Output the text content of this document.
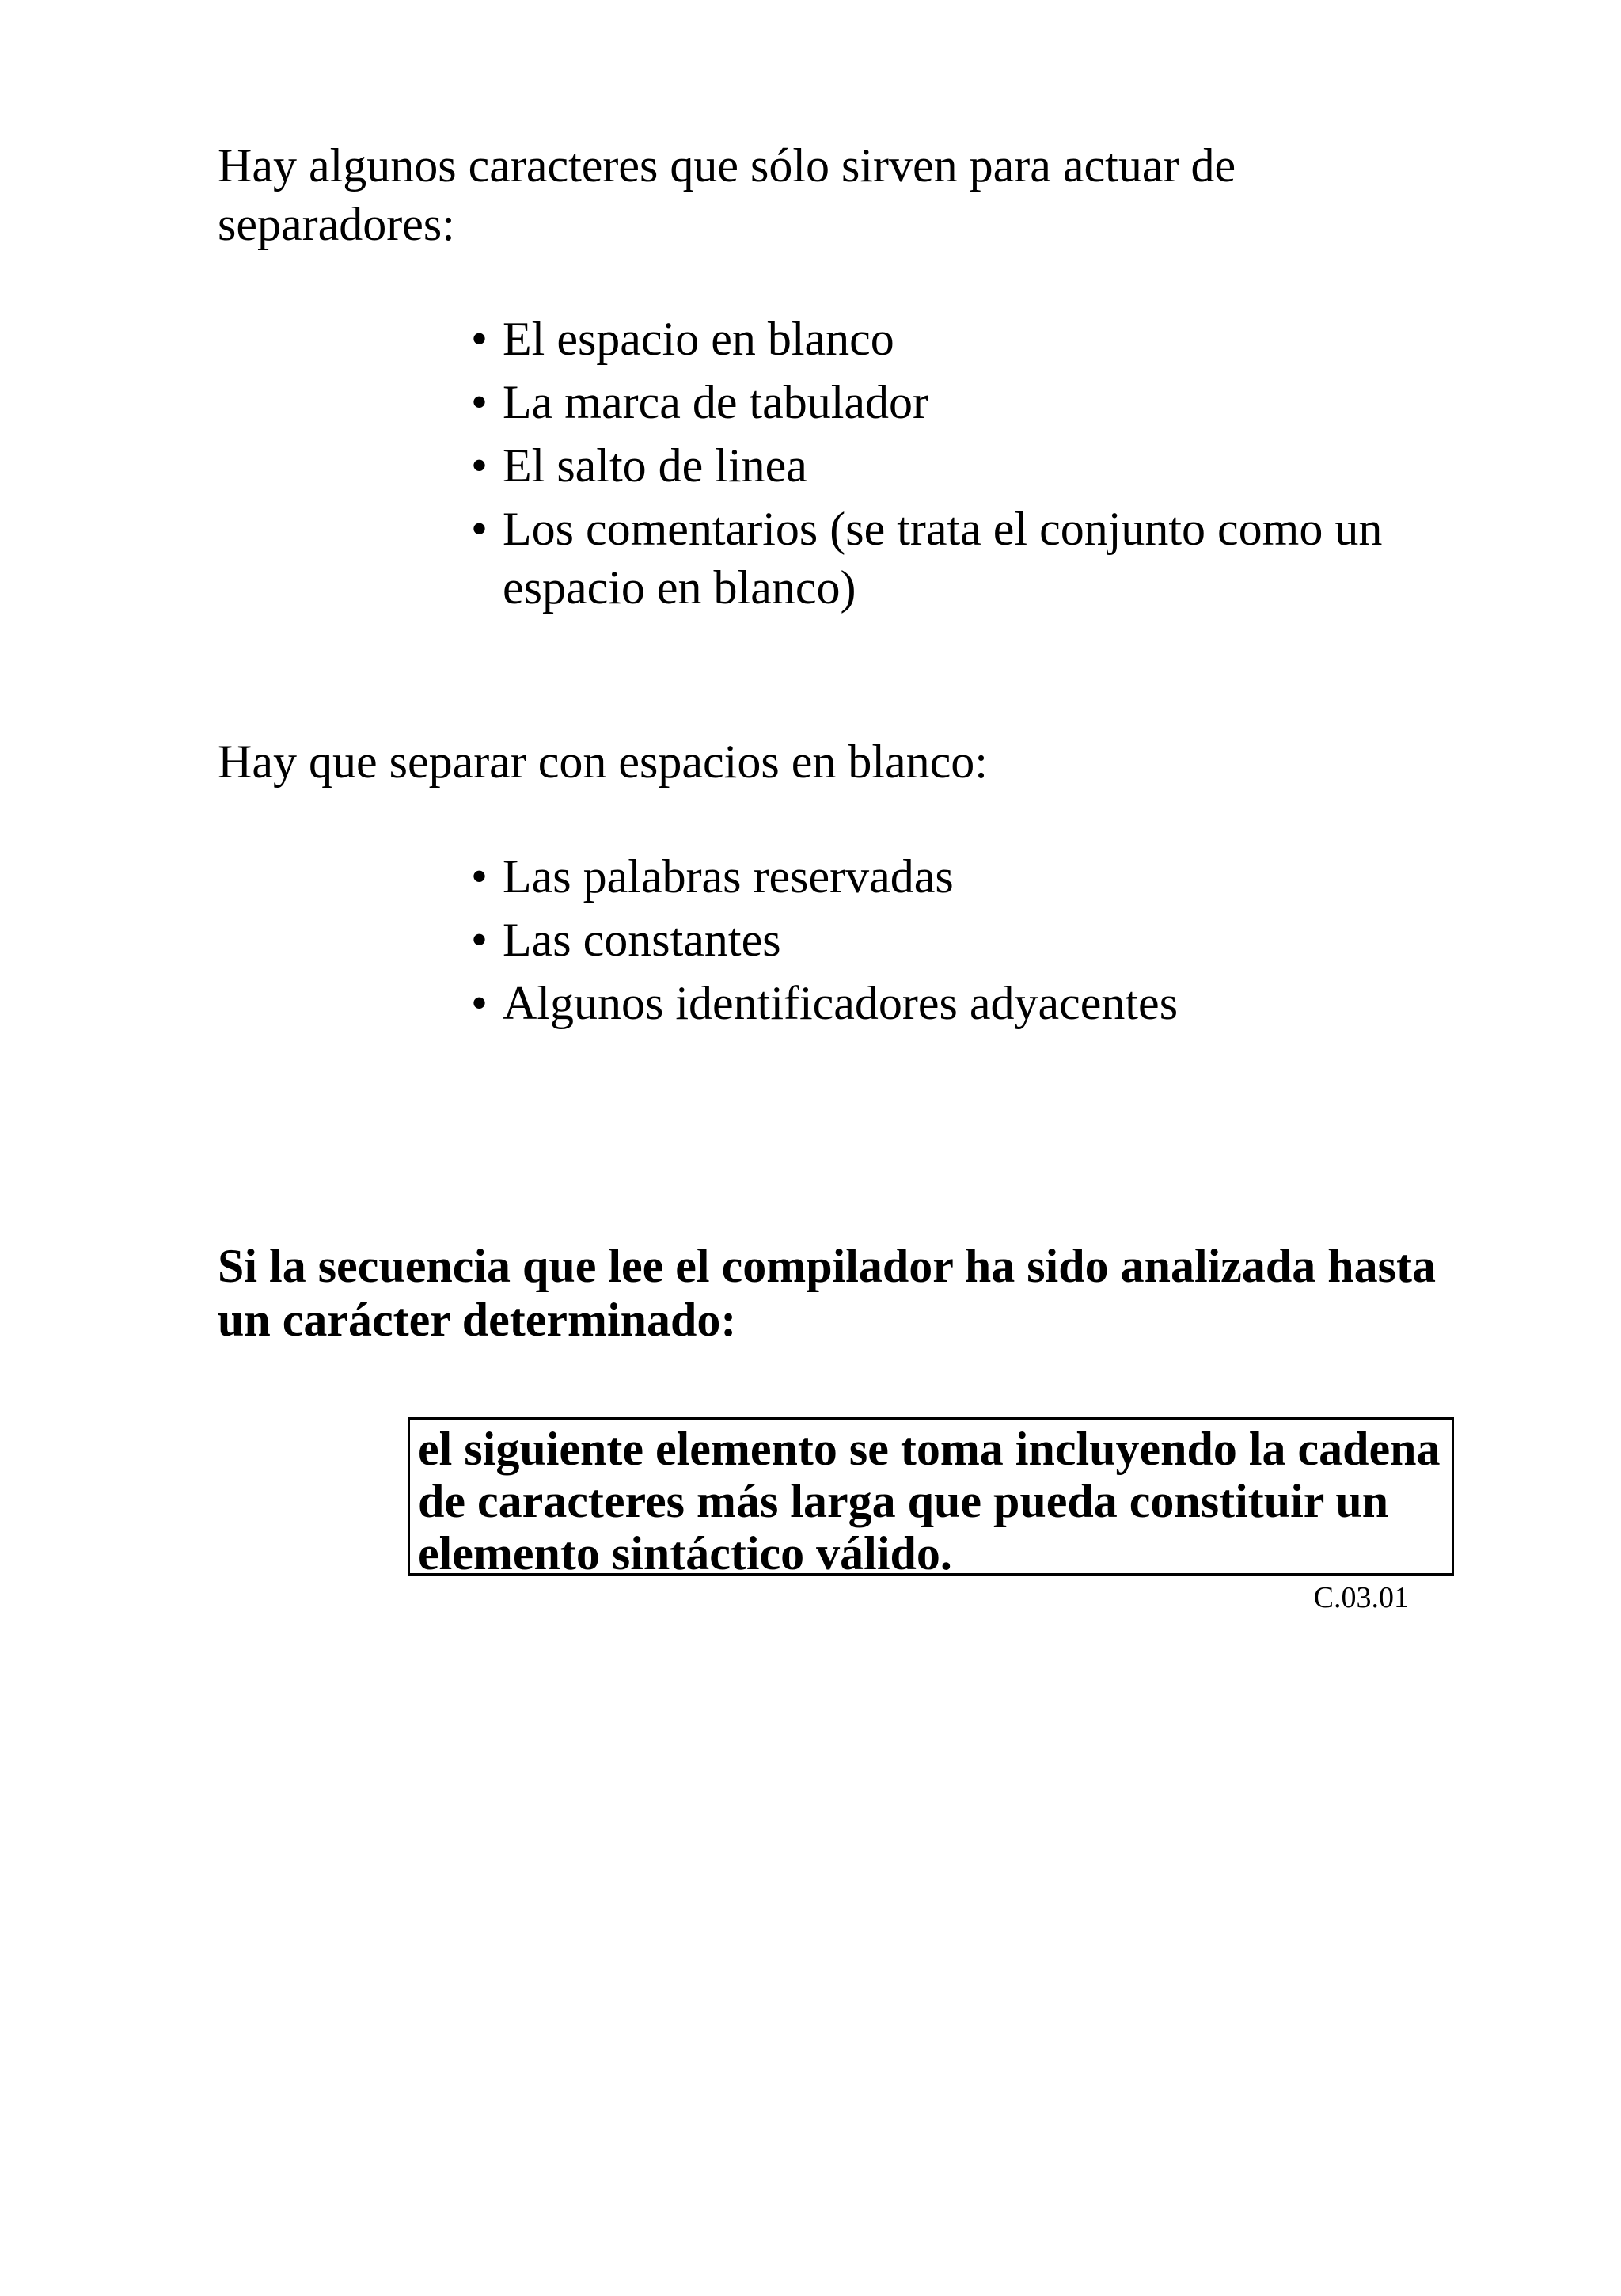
Hay algunos caracteres que sólo sirven para actuar de separadores:

• El espacio en blanco
• La marca de tabulador
• El salto de linea
• Los comentarios (se trata el conjunto como un espacio en blanco)

Hay que separar con espacios en blanco:

• Las palabras reservadas
• Las constantes
• Algunos identificadores adyacentes

Si la secuencia que lee el compilador ha sido analizada hasta un carácter determinado:

el siguiente elemento se toma incluyendo la cadena de caracteres más larga que pueda constituir un elemento sintáctico válido.

C.03.01
